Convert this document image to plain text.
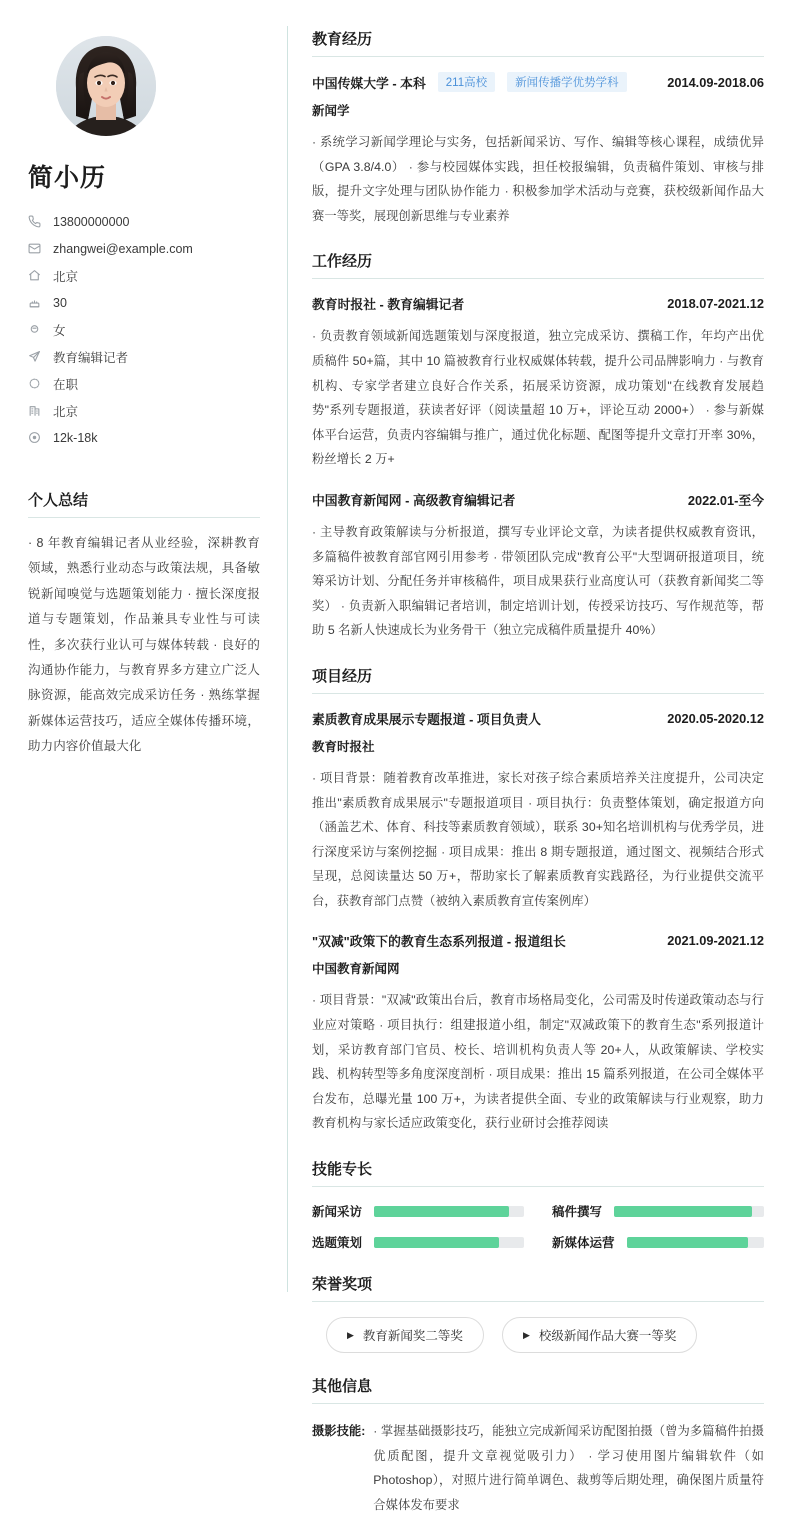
简小历
13800000000
zhangwei@example.com
北京
30
女
教育编辑记者
在职
北京
12k-18k
个人总结
· 8 年教育编辑记者从业经验，深耕教育领域，熟悉行业动态与政策法规，具备敏锐新闻嗅觉与选题策划能力 · 擅长深度报道与专题策划，作品兼具专业性与可读性，多次获行业认可与媒体转载 · 良好的沟通协作能力，与教育界多方建立广泛人脉资源，能高效完成采访任务 · 熟练掌握新媒体运营技巧，适应全媒体传播环境，助力内容价值最大化
教育经历
中国传媒大学 - 本科	211高校	新闻传播学优势学科	2014.09-2018.06
新闻学
· 系统学习新闻学理论与实务，包括新闻采访、写作、编辑等核心课程，成绩优异（GPA 3.8/4.0） · 参与校园媒体实践，担任校报编辑，负责稿件策划、审核与排版，提升文字处理与团队协作能力 · 积极参加学术活动与竞赛，获校级新闻作品大赛一等奖，展现创新思维与专业素养
工作经历
教育时报社 - 教育编辑记者	2018.07-2021.12
· 负责教育领域新闻选题策划与深度报道，独立完成采访、撰稿工作，年均产出优质稿件 50+篇，其中 10 篇被教育行业权威媒体转载，提升公司品牌影响力 · 与教育机构、专家学者建立良好合作关系，拓展采访资源，成功策划"在线教育发展趋势"系列专题报道，获读者好评（阅读量超 10 万+，评论互动 2000+） · 参与新媒体平台运营，负责内容编辑与推广，通过优化标题、配图等提升文章打开率 30%，粉丝增长 2 万+
中国教育新闻网 - 高级教育编辑记者	2022.01-至今
· 主导教育政策解读与分析报道，撰写专业评论文章，为读者提供权威教育资讯，多篇稿件被教育部官网引用参考 · 带领团队完成"教育公平"大型调研报道项目，统筹采访计划、分配任务并审核稿件，项目成果获行业高度认可（获教育新闻奖二等奖） · 负责新入职编辑记者培训，制定培训计划，传授采访技巧、写作规范等，帮助 5 名新人快速成长为业务骨干（独立完成稿件质量提升 40%）
项目经历
素质教育成果展示专题报道 - 项目负责人	2020.05-2020.12
教育时报社
· 项目背景：随着教育改革推进，家长对孩子综合素质培养关注度提升，公司决定推出"素质教育成果展示"专题报道项目 · 项目执行：负责整体策划，确定报道方向（涵盖艺术、体育、科技等素质教育领域），联系 30+知名培训机构与优秀学员，进行深度采访与案例挖掘 · 项目成果：推出 8 期专题报道，通过图文、视频结合形式呈现，总阅读量达 50 万+，帮助家长了解素质教育实践路径，为行业提供交流平台，获教育部门点赞（被纳入素质教育宣传案例库）
"双减"政策下的教育生态系列报道 - 报道组长	2021.09-2021.12
中国教育新闻网
· 项目背景："双减"政策出台后，教育市场格局变化，公司需及时传递政策动态与行业应对策略 · 项目执行：组建报道小组，制定"双减政策下的教育生态"系列报道计划，采访教育部门官员、校长、培训机构负责人等 20+人，从政策解读、学校实践、机构转型等多角度深度剖析 · 项目成果：推出 15 篇系列报道，在公司全媒体平台发布，总曝光量 100 万+，为读者提供全面、专业的政策解读与行业观察，助力教育机构与家长适应政策变化，获行业研讨会推荐阅读
技能专长
新闻采访	稿件撰写
选题策划	新媒体运营
荣誉奖项
▶ 教育新闻奖二等奖	▶ 校级新闻作品大赛一等奖
其他信息
摄影技能: · 掌握基础摄影技巧，能独立完成新闻采访配图拍摄（曾为多篇稿件拍摄优质配图，提升文章视觉吸引力） · 学习使用图片编辑软件（如 Photoshop），对照片进行简单调色、裁剪等后期处理，确保图片质量符合媒体发布要求
